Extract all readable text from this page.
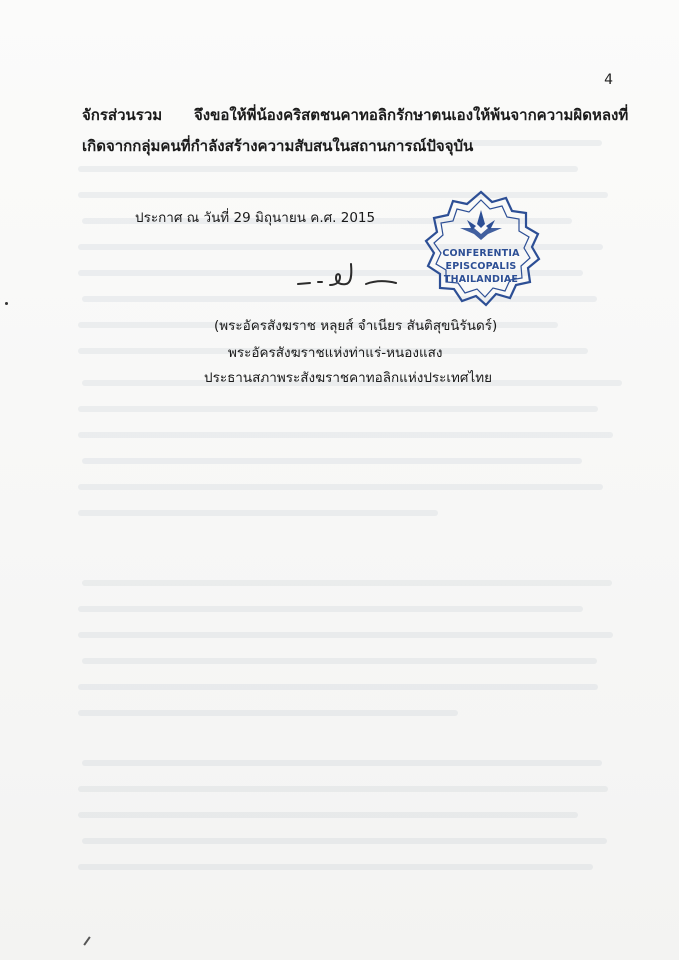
4
จักรส่วนรวม จึงขอให้พี่น้องคริสตชนคาทอลิกรักษาตนเองให้พ้นจากความผิดหลงที่
เกิดจากกลุ่มคนที่กำลังสร้างความสับสนในสถานการณ์ปัจจุบัน
ประกาศ ณ วันที่ 29 มิถุนายน ค.ศ. 2015
CONFERENTIA
EPISCOPALIS
THAILANDIAE
(พระอัครสังฆราช หลุยส์ จำเนียร สันติสุขนิรันดร์)
พระอัครสังฆราชแห่งท่าแร่-หนองแสง
ประธานสภาพระสังฆราชคาทอลิกแห่งประเทศไทย
